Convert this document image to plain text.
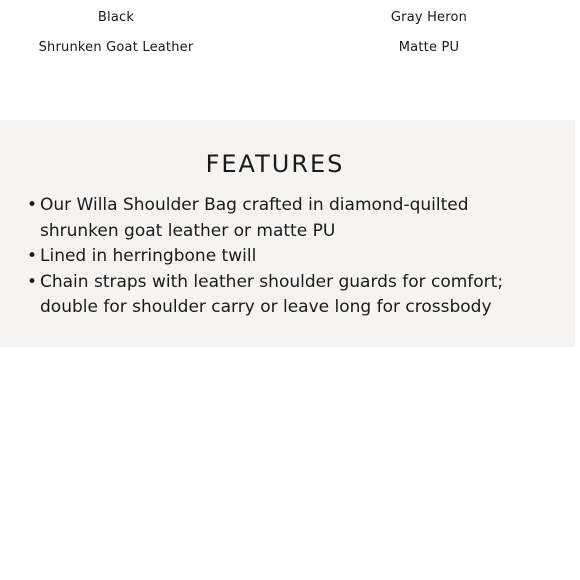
Black
Shrunken Goat Leather
Gray Heron
Matte PU
FEATURES
• Our Willa Shoulder Bag crafted in diamond-quilted shrunken goat leather or matte PU
• Lined in herringbone twill
• Chain straps with leather shoulder guards for comfort; double for shoulder carry or leave long for crossbody
